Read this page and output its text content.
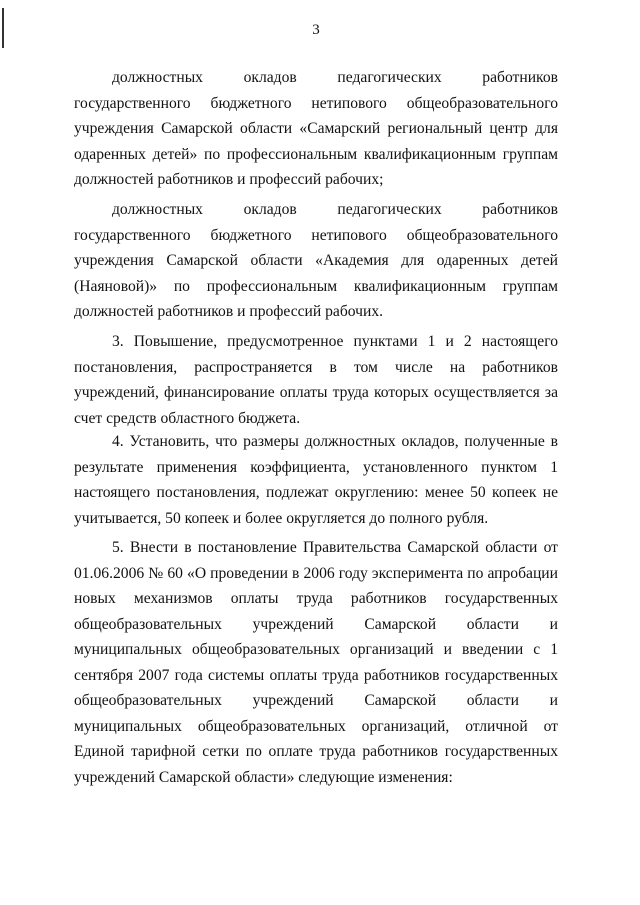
3

должностных окладов педагогических работников государственного бюджетного нетипового общеобразовательного учреждения Самарской области «Самарский региональный центр для одаренных детей» по профессиональным квалификационным группам должностей работников и профессий рабочих;

должностных окладов педагогических работников государственного бюджетного нетипового общеобразовательного учреждения Самарской области «Академия для одаренных детей (Наяновой)» по профессиональным квалификационным группам должностей работников и профессий рабочих.

3. Повышение, предусмотренное пунктами 1 и 2 настоящего постановления, распространяется в том числе на работников учреждений, финансирование оплаты труда которых осуществляется за счет средств областного бюджета.

4. Установить, что размеры должностных окладов, полученные в результате применения коэффициента, установленного пунктом 1 настоящего постановления, подлежат округлению: менее 50 копеек не учитывается, 50 копеек и более округляется до полного рубля.

5. Внести в постановление Правительства Самарской области от 01.06.2006 № 60 «О проведении в 2006 году эксперимента по апробации новых механизмов оплаты труда работников государственных общеобразовательных учреждений Самарской области и муниципальных общеобразовательных организаций и введении с 1 сентября 2007 года системы оплаты труда работников государственных общеобразовательных учреждений Самарской области и муниципальных общеобразовательных организаций, отличной от Единой тарифной сетки по оплате труда работников государственных учреждений Самарской области» следующие изменения:
